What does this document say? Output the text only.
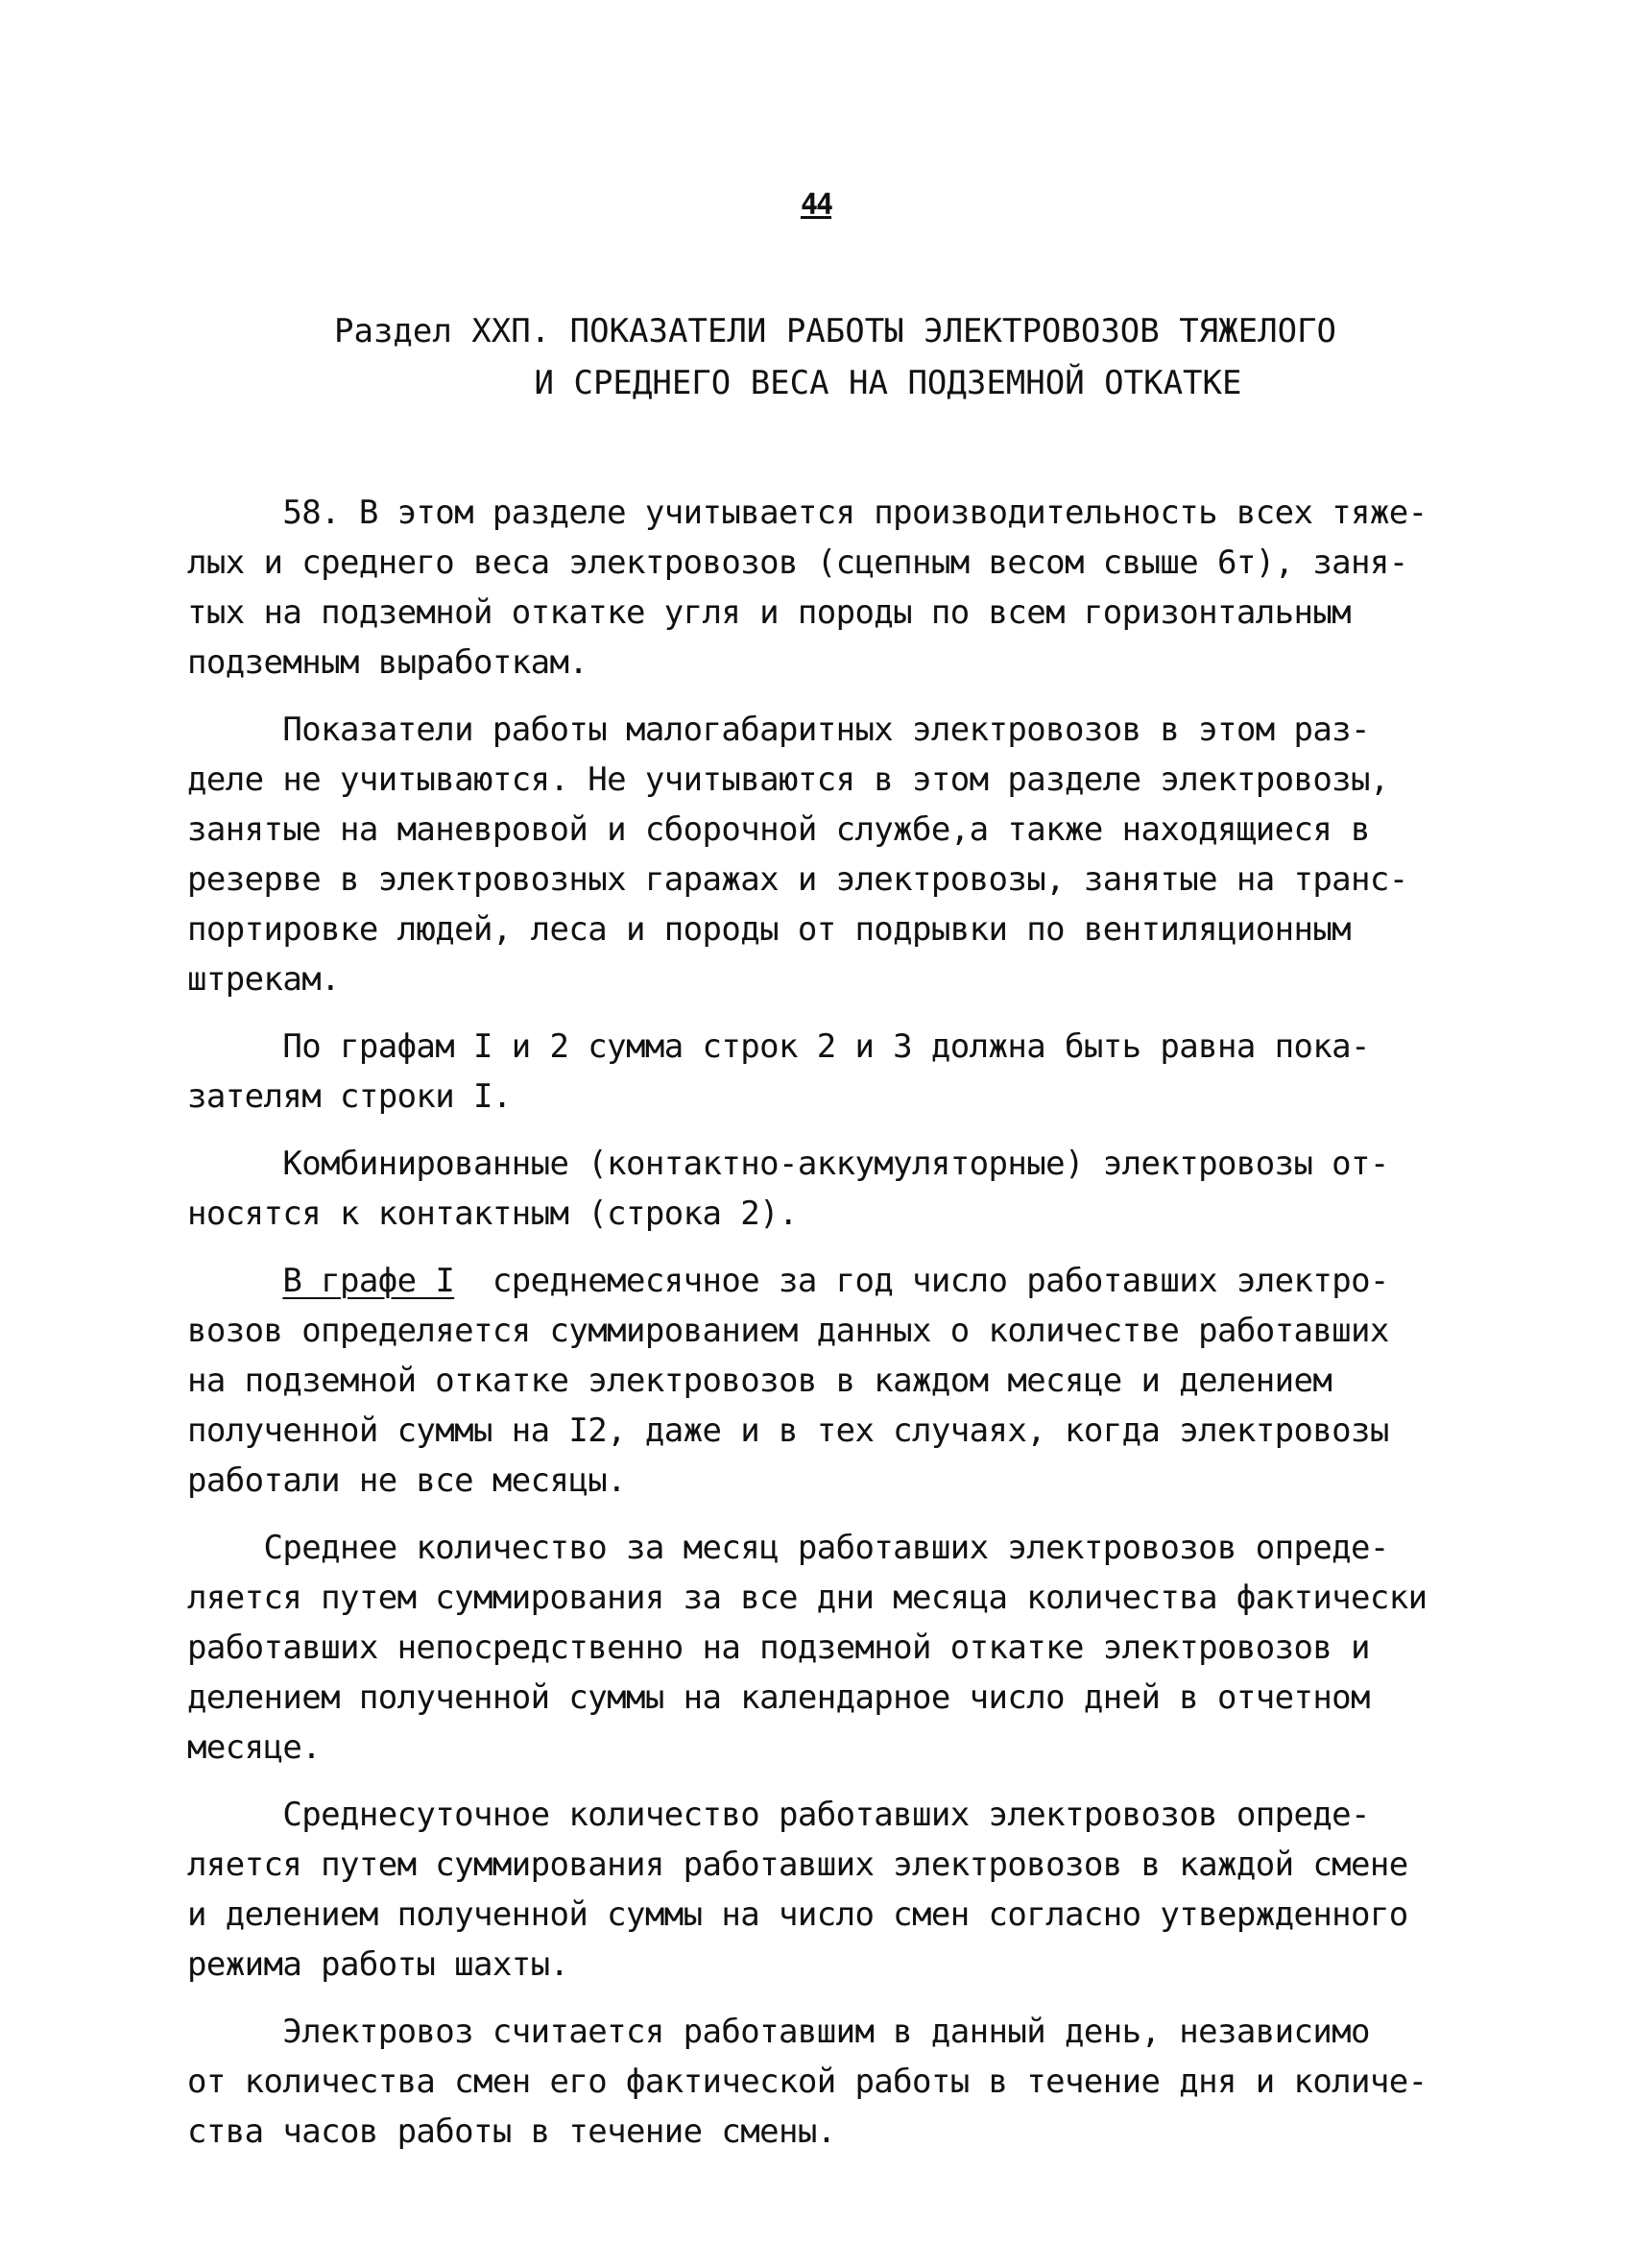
44
Раздел ХХП. ПОКАЗАТЕЛИ РАБОТЫ ЭЛЕКТРОВОЗОВ ТЯЖЕЛОГО
И СРЕДНЕГО ВЕСА НА ПОДЗЕМНОЙ ОТКАТКЕ
58. В этом разделе учитывается производительность всех тяже-
лых и среднего веса электровозов (сцепным весом свыше 6т), заня-
тых на подземной откатке угля и породы по всем горизонтальным
подземным выработкам.
Показатели работы малогабаритных электровозов в этом раз-
деле не учитываются. Не учитываются в этом разделе электровозы,
занятые на маневровой и сборочной службе,а также находящиеся в
резерве в электровозных гаражах и электровозы, занятые на транс-
портировке людей, леса и породы от подрывки по вентиляционным
штрекам.
По графам I и 2 сумма строк 2 и 3 должна быть равна пока-
зателям строки I.
Комбинированные (контактно-аккумуляторные) электровозы от-
носятся к контактным (строка 2).
В графе I  среднемесячное за год число работавших электро-
возов определяется суммированием данных о количестве работавших
на подземной откатке электровозов в каждом месяце и делением
полученной суммы на I2, даже и в тех случаях, когда электровозы
работали не все месяцы.
Среднее количество за месяц работавших электровозов опреде-
ляется путем суммирования за все дни месяца количества фактически
работавших непосредственно на подземной откатке электровозов и
делением полученной суммы на календарное число дней в отчетном
месяце.
Среднесуточное количество работавших электровозов опреде-
ляется путем суммирования работавших электровозов в каждой смене
и делением полученной суммы на число смен согласно утвержденного
режима работы шахты.
Электровоз считается работавшим в данный день, независимо
от количества смен его фактической работы в течение дня и количе-
ства часов работы в течение смены.
